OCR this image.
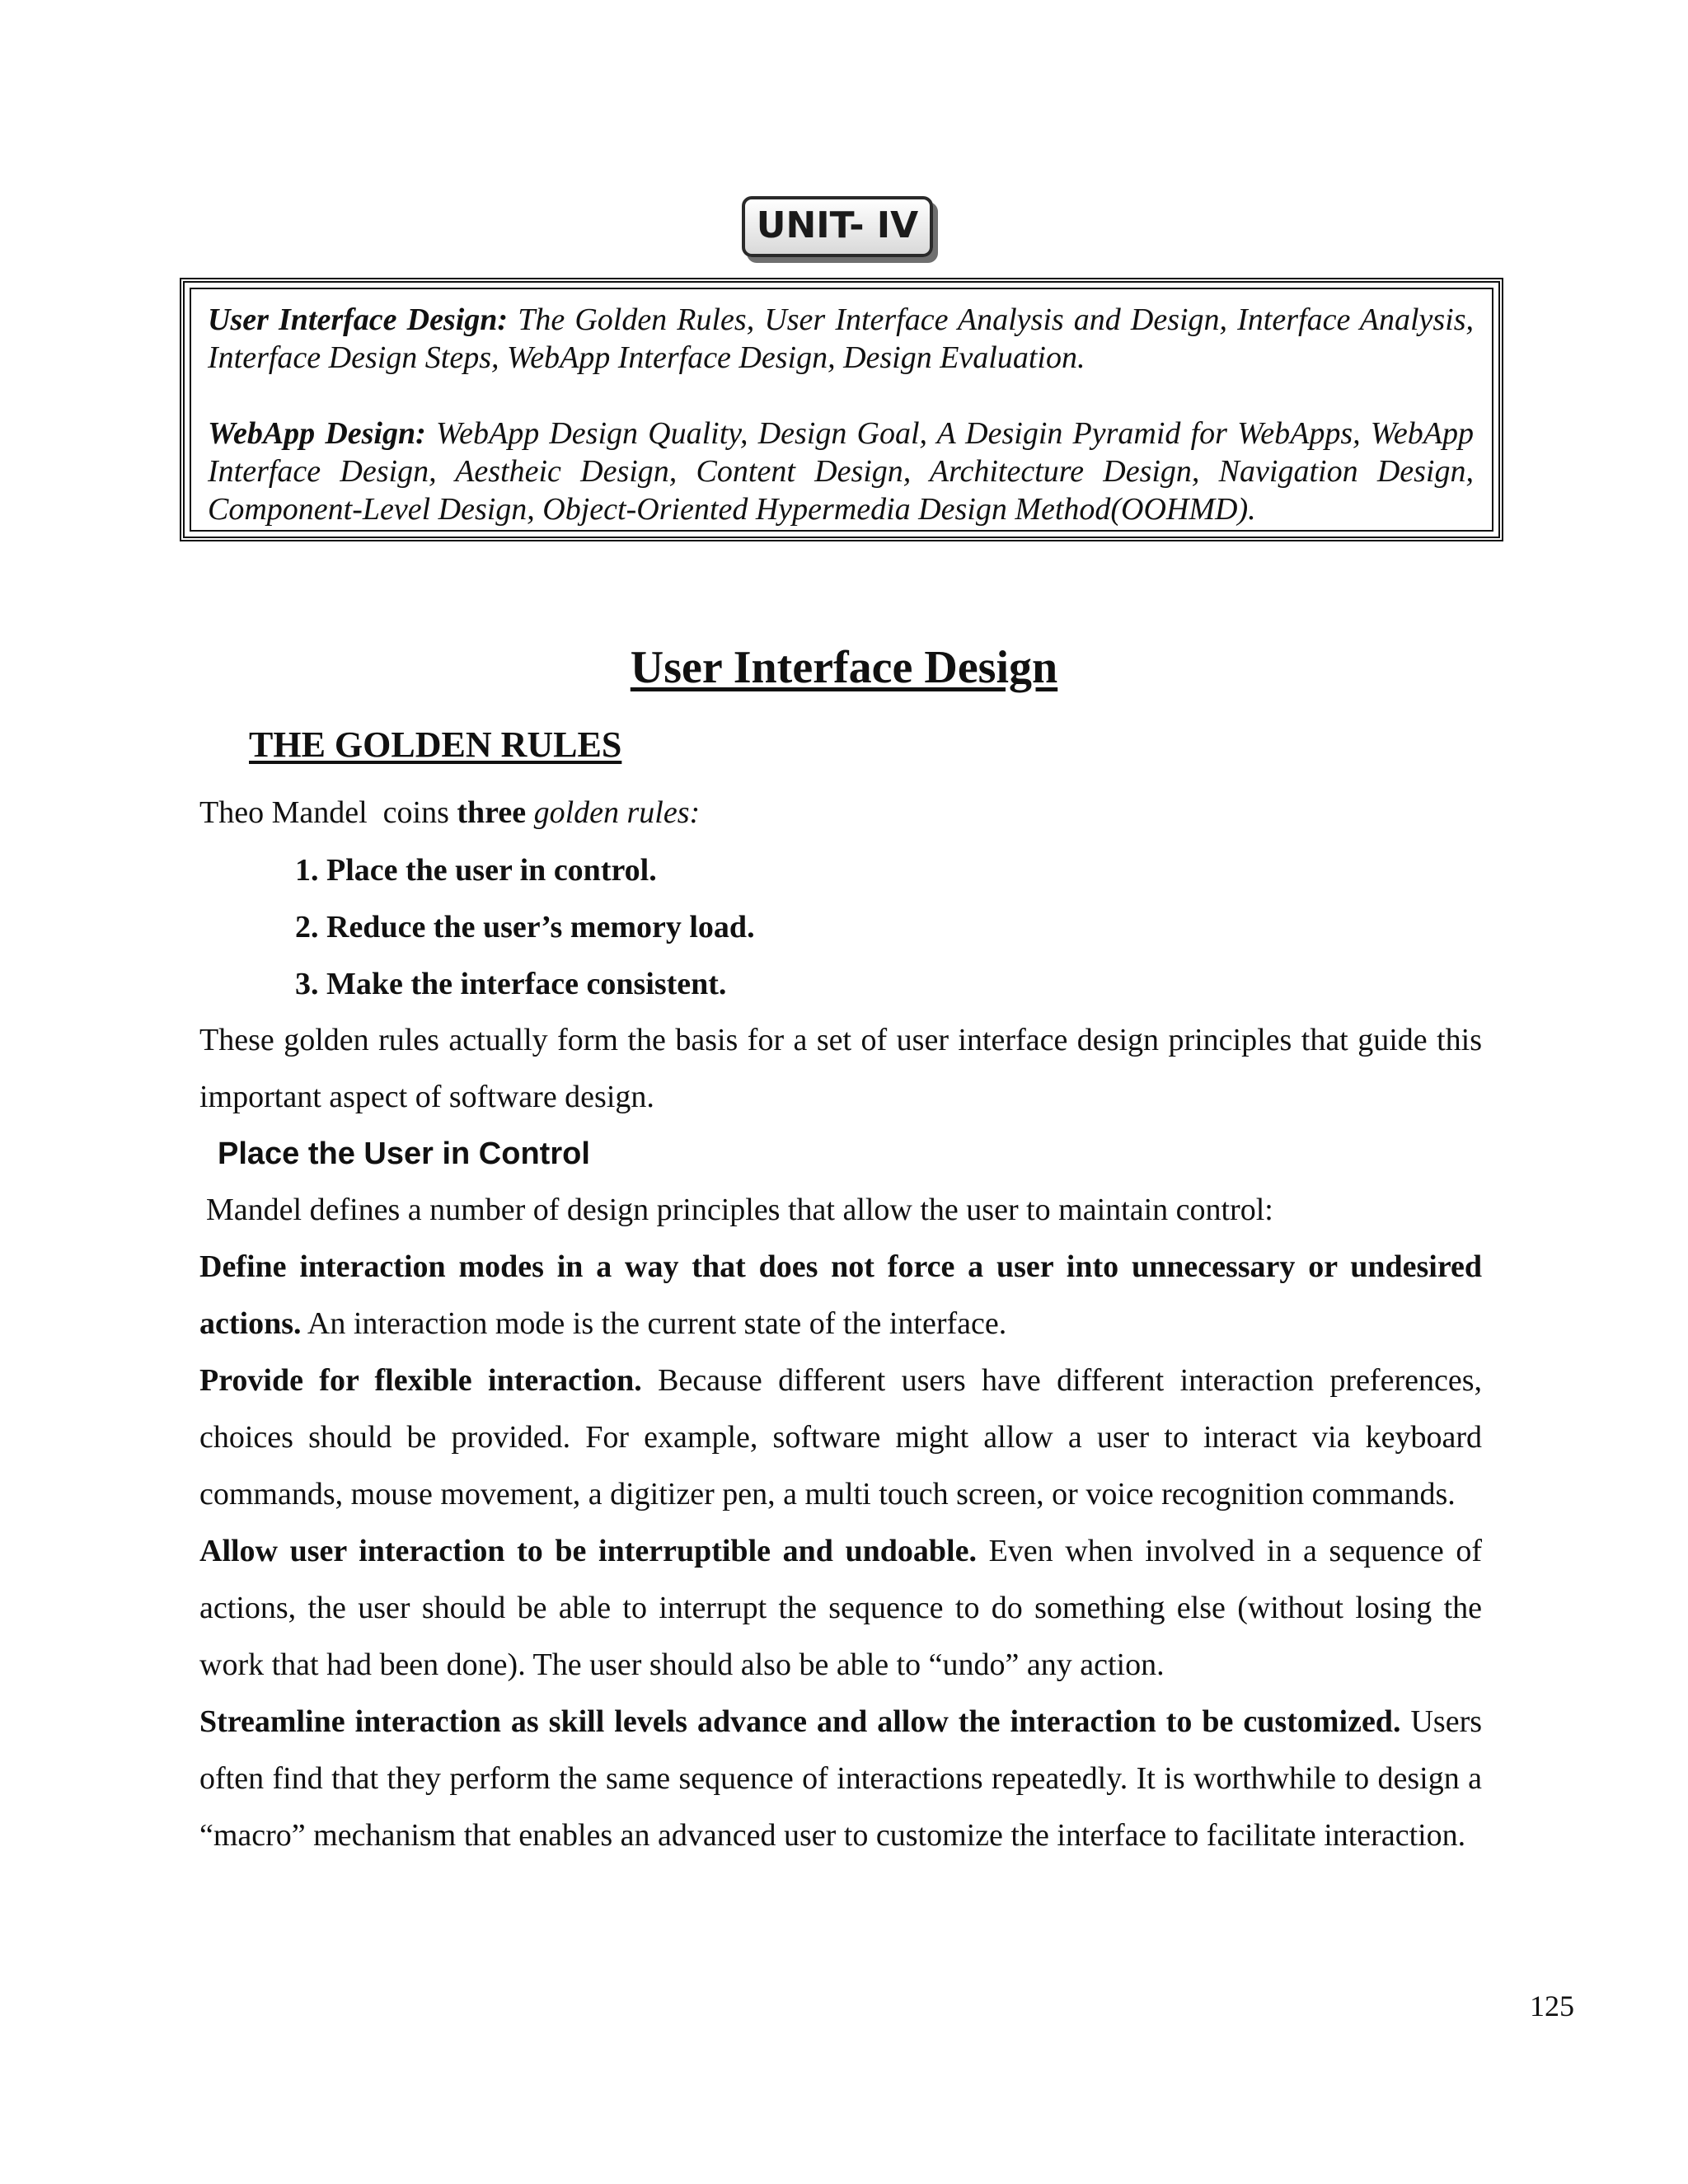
UNIT- IV

User Interface Design: The Golden Rules, User Interface Analysis and Design, Interface Analysis, Interface Design Steps, WebApp Interface Design, Design Evaluation.

WebApp Design: WebApp Design Quality, Design Goal, A Desigin Pyramid for WebApps, WebApp Interface Design, Aestheic Design, Content Design, Architecture Design, Navigation Design, Component-Level Design, Object-Oriented Hypermedia Design Method(OOHMD).

User Interface Design
THE GOLDEN RULES
Theo Mandel  coins three golden rules:
1. Place the user in control.
2. Reduce the user’s memory load.
3. Make the interface consistent.
These golden rules actually form the basis for a set of user interface design principles that guide this important aspect of software design.
Place the User in Control

Mandel defines a number of design principles that allow the user to maintain control:

Define interaction modes in a way that does not force a user into unnecessary or undesired actions. An interaction mode is the current state of the interface.

Provide for flexible interaction. Because different users have different interaction preferences, choices should be provided. For example, software might allow a user to interact via keyboard commands, mouse movement, a digitizer pen, a multi touch screen, or voice recognition commands.

Allow user interaction to be interruptible and undoable. Even when involved in a sequence of actions, the user should be able to interrupt the sequence to do something else (without losing the work that had been done). The user should also be able to “undo” any action.

Streamline interaction as skill levels advance and allow the interaction to be customized. Users often find that they perform the same sequence of interactions repeatedly. It is worthwhile to design a “macro” mechanism that enables an advanced user to customize the interface to facilitate interaction.

125
